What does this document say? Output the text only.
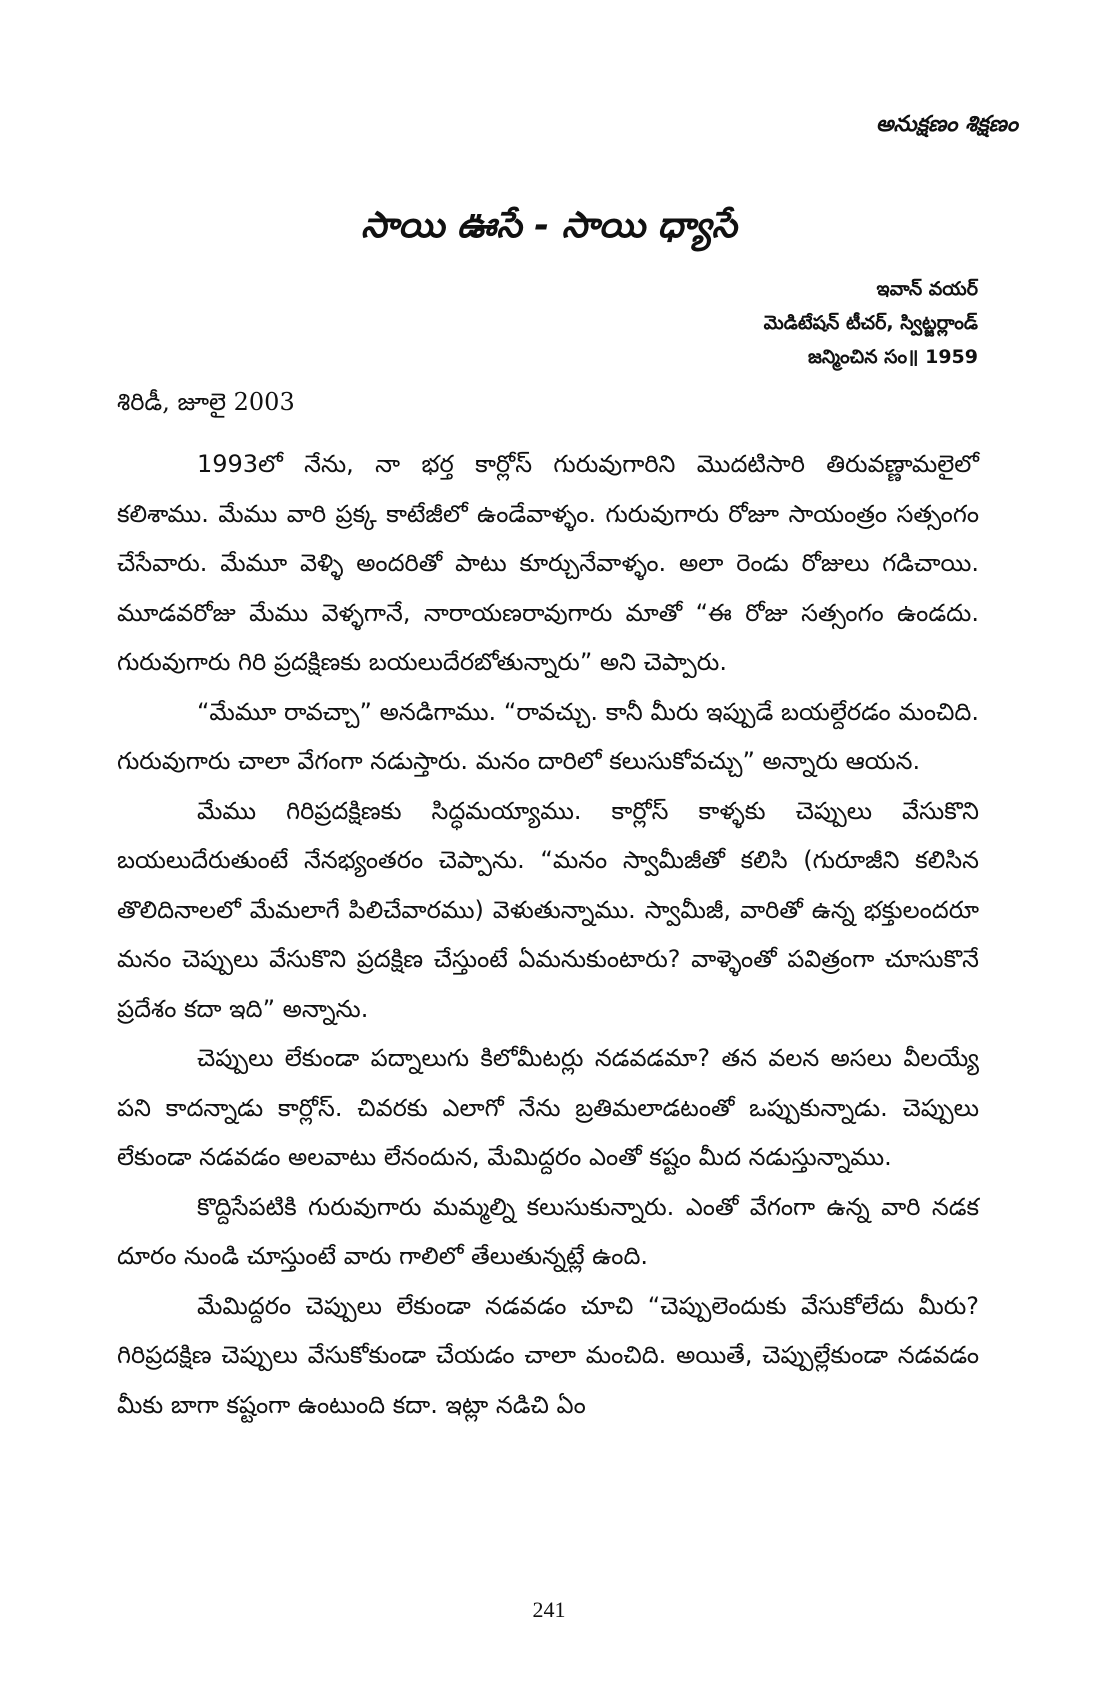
అనుక్షణం శిక్షణం
సాయి ఊసే - సాయి ధ్యాసే
ఇవాన్ వయర్
మెడిటేషన్ టీచర్, స్విట్జర్లాండ్
జన్మించిన సం॥ 1959
శిరిడీ, జూలై 2003

1993లో నేను, నా భర్త కార్లోస్ గురువుగారిని మొదటిసారి తిరువణ్ణామలైలో కలిశాము. మేము వారి ప్రక్క కాటేజీలో ఉండేవాళ్ళం. గురువుగారు రోజూ సాయంత్రం సత్సంగం చేసేవారు. మేమూ వెళ్ళి అందరితో పాటు కూర్చునేవాళ్ళం. అలా రెండు రోజులు గడిచాయి. మూడవరోజు మేము వెళ్ళగానే, నారాయణరావుగారు మాతో “ఈ రోజు సత్సంగం ఉండదు. గురువుగారు గిరి ప్రదక్షిణకు బయలుదేరబోతున్నారు” అని చెప్పారు.

“మేమూ రావచ్చా” అనడిగాము. “రావచ్చు. కానీ మీరు ఇప్పుడే బయల్దేరడం మంచిది. గురువుగారు చాలా వేగంగా నడుస్తారు. మనం దారిలో కలుసుకోవచ్చు” అన్నారు ఆయన.

మేము గిరిప్రదక్షిణకు సిద్ధమయ్యాము. కార్లోస్ కాళ్ళకు చెప్పులు వేసుకొని బయలుదేరుతుంటే నేనభ్యంతరం చెప్పాను. “మనం స్వామీజీతో కలిసి (గురూజీని కలిసిన తొలిదినాలలో మేమలాగే పిలిచేవారము) వెళుతున్నాము. స్వామీజీ, వారితో ఉన్న భక్తులందరూ మనం చెప్పులు వేసుకొని ప్రదక్షిణ చేస్తుంటే ఏమనుకుంటారు? వాళ్ళెంతో పవిత్రంగా చూసుకొనే ప్రదేశం కదా ఇది” అన్నాను.

చెప్పులు లేకుండా పద్నాలుగు కిలోమీటర్లు నడవడమా? తన వలన అసలు వీలయ్యే పని కాదన్నాడు కార్లోస్. చివరకు ఎలాగో నేను బ్రతిమలాడటంతో ఒప్పుకున్నాడు. చెప్పులు లేకుండా నడవడం అలవాటు లేనందున, మేమిద్దరం ఎంతో కష్టం మీద నడుస్తున్నాము.

కొద్దిసేపటికి గురువుగారు మమ్మల్ని కలుసుకున్నారు. ఎంతో వేగంగా ఉన్న వారి నడక దూరం నుండి చూస్తుంటే వారు గాలిలో తేలుతున్నట్లే ఉంది.

మేమిద్దరం చెప్పులు లేకుండా నడవడం చూచి “చెప్పులెందుకు వేసుకోలేదు మీరు? గిరిప్రదక్షిణ చెప్పులు వేసుకోకుండా చేయడం చాలా మంచిది. అయితే, చెప్పుల్లేకుండా నడవడం మీకు బాగా కష్టంగా ఉంటుంది కదా. ఇట్లా నడిచి ఏం

241
